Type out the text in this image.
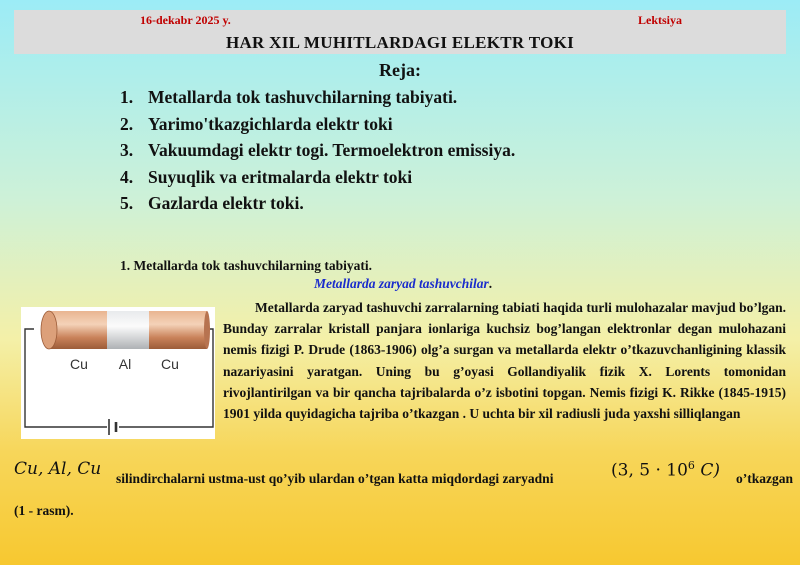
16-dekabr 2025 y.	Lektsiya
HAR XIL MUHITLARDAGI ELEKTR TOKI
Reja:
1. Metallarda tok tashuvchilarning tabiyati.
2. Yarimo'tkazgichlarda elektr toki
3. Vakuumdagi elektr togi. Termoelektron emissiya.
4. Suyuqlik va eritmalarda elektr toki
5. Gazlarda elektr toki.
1. Metallarda tok tashuvchilarning tabiyati.
Metallarda zaryad tashuvchilar.

Metallarda zaryad tashuvchi zarralarning tabiati haqida turli mulohazalar mavjud bo’lgan. Bunday zarralar kristall panjara ionlariga kuchsiz bog’langan elektronlar degan mulohazani nemis fizigi P. Drude (1863-1906) olg’a surgan va metallarda elektr o’tkazuvchanligining klassik nazariyasini yaratgan. Uning bu g’oyasi Gollandiyalik fizik X. Lorents tomonidan rivojlantirilgan va bir qancha tajribalarda o’z isbotini topgan. Nemis fizigi K. Rikke (1845-1915) 1901 yilda quyidagicha tajriba o’tkazgan . U uchta bir xil radiusli juda yaxshi silliqlangan

Cu Al Cu
Cu, Al, Cu silindirchalarni ustma-ust qo’yib ulardan o’tgan katta miqdordagi zaryadni	(3, $5 \cdot 10^6$ C) o’tkazgan
(1 - rasm).
